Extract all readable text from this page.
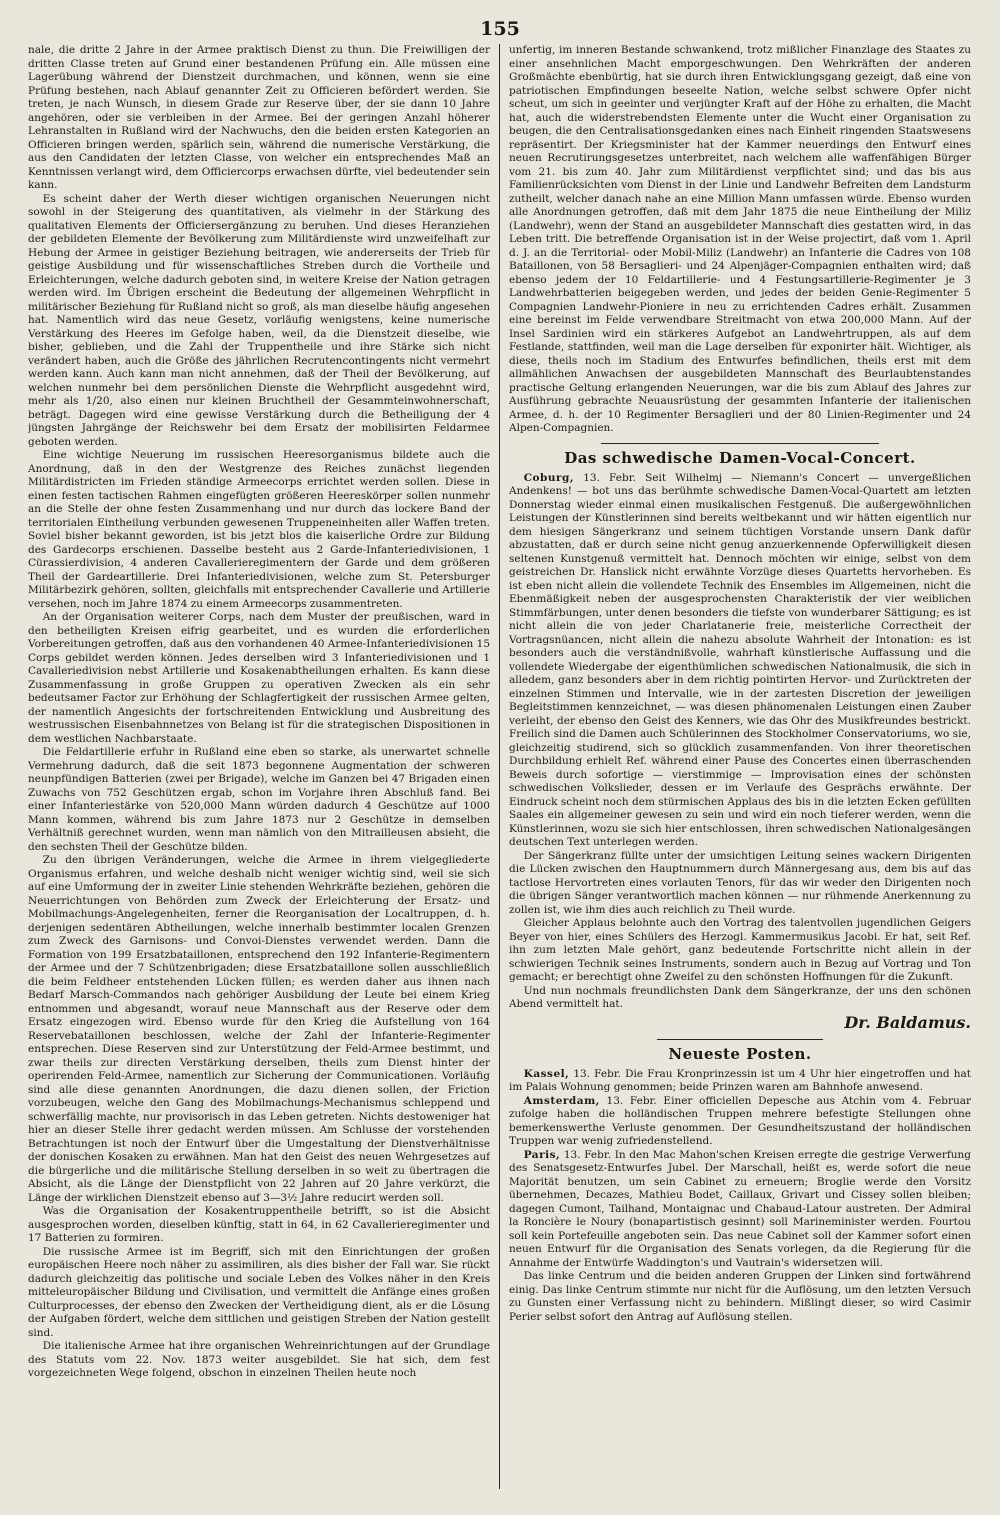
155

nale, die dritte 2 Jahre in der Armee praktisch Dienst zu thun. Die Freiwilligen der dritten Classe treten auf Grund einer bestandenen Prüfung ein. Alle müssen eine Lagerübung während der Dienstzeit durchmachen, und können, wenn sie eine Prüfung bestehen, nach Ablauf genannter Zeit zu Officieren befördert werden. Sie treten, je nach Wunsch, in diesem Grade zur Reserve über, der sie dann 10 Jahre angehören, oder sie verbleiben in der Armee. Bei der geringen Anzahl höherer Lehranstalten in Rußland wird der Nachwuchs, den die beiden ersten Kategorien an Officieren bringen werden, spärlich sein, während die numerische Verstärkung, die aus den Candidaten der letzten Classe, von welcher ein entsprechendes Maß an Kenntnissen verlangt wird, dem Officiercorps erwachsen dürfte, viel bedeutender sein kann.

Es scheint daher der Werth dieser wichtigen organischen Neuerungen nicht sowohl in der Steigerung des quantitativen, als vielmehr in der Stärkung des qualitativen Elements der Officiersergänzung zu beruhen. Und dieses Heranziehen der gebildeten Elemente der Bevölkerung zum Militärdienste wird unzweifelhaft zur Hebung der Armee in geistiger Beziehung beitragen, wie andererseits der Trieb für geistige Ausbildung und für wissenschaftliches Streben durch die Vortheile und Erleichterungen, welche dadurch geboten sind, in weitere Kreise der Nation getragen werden wird. Im Übrigen erscheint die Bedeutung der allgemeinen Wehrpflicht in militärischer Beziehung für Rußland nicht so groß, als man dieselbe häufig angesehen hat. Namentlich wird das neue Gesetz, vorläufig wenigstens, keine numerische Verstärkung des Heeres im Gefolge haben, weil, da die Dienstzeit dieselbe, wie bisher, geblieben, und die Zahl der Truppentheile und ihre Stärke sich nicht verändert haben, auch die Größe des jährlichen Recrutencontingents nicht vermehrt werden kann. Auch kann man nicht annehmen, daß der Theil der Bevölkerung, auf welchen nunmehr bei dem persönlichen Dienste die Wehrpflicht ausgedehnt wird, mehr als 1/20, also einen nur kleinen Bruchtheil der Gesammteinwohnerschaft, beträgt. Dagegen wird eine gewisse Verstärkung durch die Betheiligung der 4 jüngsten Jahrgänge der Reichswehr bei dem Ersatz der mobilisirten Feldarmee geboten werden.

Eine wichtige Neuerung im russischen Heeresorganismus bildete auch die Anordnung, daß in den der Westgrenze des Reiches zunächst liegenden Militärdistricten im Frieden ständige Armeecorps errichtet werden sollen. Diese in einen festen tactischen Rahmen eingefügten größeren Heereskörper sollen nunmehr an die Stelle der ohne festen Zusammenhang und nur durch das lockere Band der territorialen Eintheilung verbunden gewesenen Truppeneinheiten aller Waffen treten. Soviel bisher bekannt geworden, ist bis jetzt blos die kaiserliche Ordre zur Bildung des Gardecorps erschienen. Dasselbe besteht aus 2 Garde-Infanteriedivisionen, 1 Cürassierdivision, 4 anderen Cavallerieregimentern der Garde und dem größeren Theil der Gardeartillerie. Drei Infanteriedivisionen, welche zum St. Petersburger Militärbezirk gehören, sollten, gleichfalls mit entsprechender Cavallerie und Artillerie versehen, noch im Jahre 1874 zu einem Armeecorps zusammentreten.

An der Organisation weiterer Corps, nach dem Muster der preußischen, ward in den betheiligten Kreisen eifrig gearbeitet, und es wurden die erforderlichen Vorbereitungen getroffen, daß aus den vorhandenen 40 Armee-Infanteriedivisionen 15 Corps gebildet werden können. Jedes derselben wird 3 Infanteriedivisionen und 1 Cavalleriedivision nebst Artillerie und Kosakenabtheilungen erhalten. Es kann diese Zusammenfassung in große Gruppen zu operativen Zwecken als ein sehr bedeutsamer Factor zur Erhöhung der Schlagfertigkeit der russischen Armee gelten, der namentlich Angesichts der fortschreitenden Entwicklung und Ausbreitung des westrussischen Eisenbahnnetzes von Belang ist für die strategischen Dispositionen in dem westlichen Nachbarstaate.

Die Feldartillerie erfuhr in Rußland eine eben so starke, als unerwartet schnelle Vermehrung dadurch, daß die seit 1873 begonnene Augmentation der schweren neunpfündigen Batterien (zwei per Brigade), welche im Ganzen bei 47 Brigaden einen Zuwachs von 752 Geschützen ergab, schon im Vorjahre ihren Abschluß fand. Bei einer Infanteriestärke von 520,000 Mann würden dadurch 4 Geschütze auf 1000 Mann kommen, während bis zum Jahre 1873 nur 2 Geschütze in demselben Verhältniß gerechnet wurden, wenn man nämlich von den Mitrailleusen absieht, die den sechsten Theil der Geschütze bilden.

Zu den übrigen Veränderungen, welche die Armee in ihrem vielgegliederte Organismus erfahren, und welche deshalb nicht weniger wichtig sind, weil sie sich auf eine Umformung der in zweiter Linie stehenden Wehrkräfte beziehen, gehören die Neuerrichtungen von Behörden zum Zweck der Erleichterung der Ersatz- und Mobilmachungs-Angelegenheiten, ferner die Reorganisation der Localtruppen, d. h. derjenigen sedentären Abtheilungen, welche innerhalb bestimmter localen Grenzen zum Zweck des Garnisons- und Convoi-Dienstes verwendet werden. Dann die Formation von 199 Ersatzbataillonen, entsprechend den 192 Infanterie-Regimentern der Armee und der 7 Schützenbrigaden; diese Ersatzbataillone sollen ausschließlich die beim Feldheer entstehenden Lücken füllen; es werden daher aus ihnen nach Bedarf Marsch-Commandos nach gehöriger Ausbildung der Leute bei einem Krieg entnommen und abgesandt, worauf neue Mannschaft aus der Reserve oder dem Ersatz eingezogen wird. Ebenso wurde für den Krieg die Aufstellung von 164 Reservebataillonen beschlossen, welche der Zahl der Infanterie-Regimenter entsprechen. Diese Reserven sind zur Unterstützung der Feld-Armee bestimmt, und zwar theils zur directen Verstärkung derselben, theils zum Dienst hinter der operirenden Feld-Armee, namentlich zur Sicherung der Communicationen. Vorläufig sind alle diese genannten Anordnungen, die dazu dienen sollen, der Friction vorzubeugen, welche den Gang des Mobilmachungs-Mechanismus schleppend und schwerfällig machte, nur provisorisch in das Leben getreten. Nichts destoweniger hat hier an dieser Stelle ihrer gedacht werden müssen. Am Schlusse der vorstehenden Betrachtungen ist noch der Entwurf über die Umgestaltung der Dienstverhältnisse der donischen Kosaken zu erwähnen. Man hat den Geist des neuen Wehrgesetzes auf die bürgerliche und die militärische Stellung derselben in so weit zu übertragen die Absicht, als die Länge der Dienstpflicht von 22 Jahren auf 20 Jahre verkürzt, die Länge der wirklichen Dienstzeit ebenso auf 3—3½ Jahre reducirt werden soll.

Was die Organisation der Kosakentruppentheile betrifft, so ist die Absicht ausgesprochen worden, dieselben künftig, statt in 64, in 62 Cavallerieregimenter und 17 Batterien zu formiren.

Die russische Armee ist im Begriff, sich mit den Einrichtungen der großen europäischen Heere noch näher zu assimiliren, als dies bisher der Fall war. Sie rückt dadurch gleichzeitig das politische und sociale Leben des Volkes näher in den Kreis mitteleuropäischer Bildung und Civilisation, und vermittelt die Anfänge eines großen Culturprocesses, der ebenso den Zwecken der Vertheidigung dient, als er die Lösung der Aufgaben fördert, welche dem sittlichen und geistigen Streben der Nation gestellt sind.

Die italienische Armee hat ihre organischen Wehreinrichtungen auf der Grundlage des Statuts vom 22. Nov. 1873 weiter ausgebildet. Sie hat sich, dem fest vorgezeichneten Wege folgend, obschon in einzelnen Theilen heute noch

unfertig, im inneren Bestande schwankend, trotz mißlicher Finanzlage des Staates zu einer ansehnlichen Macht emporgeschwungen. Den Wehrkräften der anderen Großmächte ebenbürtig, hat sie durch ihren Entwicklungsgang gezeigt, daß eine von patriotischen Empfindungen beseelte Nation, welche selbst schwere Opfer nicht scheut, um sich in geeinter und verjüngter Kraft auf der Höhe zu erhalten, die Macht hat, auch die widerstrebendsten Elemente unter die Wucht einer Organisation zu beugen, die den Centralisationsgedanken eines nach Einheit ringenden Staatswesens repräsentirt. Der Kriegsminister hat der Kammer neuerdings den Entwurf eines neuen Recrutirungsgesetzes unterbreitet, nach welchem alle waffenfähigen Bürger vom 21. bis zum 40. Jahr zum Militärdienst verpflichtet sind; und das bis aus Familienrücksichten vom Dienst in der Linie und Landwehr Befreiten dem Landsturm zutheilt, welcher danach nahe an eine Million Mann umfassen würde. Ebenso wurden alle Anordnungen getroffen, daß mit dem Jahr 1875 die neue Eintheilung der Miliz (Landwehr), wenn der Stand an ausgebildeter Mannschaft dies gestatten wird, in das Leben tritt. Die betreffende Organisation ist in der Weise projectirt, daß vom 1. April d. J. an die Territorial- oder Mobil-Miliz (Landwehr) an Infanterie die Cadres von 108 Bataillonen, von 58 Bersaglieri- und 24 Alpenjäger-Compagnien enthalten wird; daß ebenso jedem der 10 Feldartillerie- und 4 Festungsartillerie-Regimenter je 3 Landwehrbatterien beigegeben werden, und jedes der beiden Genie-Regimenter 5 Compagnien Landwehr-Pioniere in neu zu errichtenden Cadres erhält. Zusammen eine bereinst im Felde verwendbare Streitmacht von etwa 200,000 Mann. Auf der Insel Sardinien wird ein stärkeres Aufgebot an Landwehrtruppen, als auf dem Festlande, stattfinden, weil man die Lage derselben für exponirter hält. Wichtiger, als diese, theils noch im Stadium des Entwurfes befindlichen, theils erst mit dem allmählichen Anwachsen der ausgebildeten Mannschaft des Beurlaubtenstandes practische Geltung erlangenden Neuerungen, war die bis zum Ablauf des Jahres zur Ausführung gebrachte Neuausrüstung der gesammten Infanterie der italienischen Armee, d. h. der 10 Regimenter Bersaglieri und der 80 Linien-Regimenter und 24 Alpen-Compagnien.

Das schwedische Damen-Vocal-Concert.

Coburg, 13. Febr. Seit Wilhelmj — Niemann's Concert — unvergeßlichen Andenkens! — bot uns das berühmte schwedische Damen-Vocal-Quartett am letzten Donnerstag wieder einmal einen musikalischen Festgenuß. Die außergewöhnlichen Leistungen der Künstlerinnen sind bereits weltbekannt und wir hätten eigentlich nur dem hiesigen Sängerkranz und seinem tüchtigen Vorstande unsern Dank dafür abzustatten, daß er durch seine nicht genug anzuerkennende Opferwilligkeit diesen seltenen Kunstgenuß vermittelt hat. Dennoch möchten wir einige, selbst von dem geistreichen Dr. Hanslick nicht erwähnte Vorzüge dieses Quartetts hervorheben. Es ist eben nicht allein die vollendete Technik des Ensembles im Allgemeinen, nicht die Ebenmäßigkeit neben der ausgesprochensten Charakteristik der vier weiblichen Stimmfärbungen, unter denen besonders die tiefste von wunderbarer Sättigung; es ist nicht allein die von jeder Charlatanerie freie, meisterliche Correctheit der Vortragsnüancen, nicht allein die nahezu absolute Wahrheit der Intonation: es ist besonders auch die verständnißvolle, wahrhaft künstlerische Auffassung und die vollendete Wiedergabe der eigenthümlichen schwedischen Nationalmusik, die sich in alledem, ganz besonders aber in dem richtig pointirten Hervor- und Zurücktreten der einzelnen Stimmen und Intervalle, wie in der zartesten Discretion der jeweiligen Begleitstimmen kennzeichnet, — was diesen phänomenalen Leistungen einen Zauber verleiht, der ebenso den Geist des Kenners, wie das Ohr des Musikfreundes bestrickt. Freilich sind die Damen auch Schülerinnen des Stockholmer Conservatoriums, wo sie, gleichzeitig studirend, sich so glücklich zusammenfanden. Von ihrer theoretischen Durchbildung erhielt Ref. während einer Pause des Concertes einen überraschenden Beweis durch sofortige — vierstimmige — Improvisation eines der schönsten schwedischen Volkslieder, dessen er im Verlaufe des Gesprächs erwähnte. Der Eindruck scheint noch dem stürmischen Applaus des bis in die letzten Ecken gefüllten Saales ein allgemeiner gewesen zu sein und wird ein noch tieferer werden, wenn die Künstlerinnen, wozu sie sich hier entschlossen, ihren schwedischen Nationalgesängen deutschen Text unterlegen werden.

Der Sängerkranz füllte unter der umsichtigen Leitung seines wackern Dirigenten die Lücken zwischen den Hauptnummern durch Männergesang aus, dem bis auf das tactlose Hervortreten eines vorlauten Tenors, für das wir weder den Dirigenten noch die übrigen Sänger verantwortlich machen können — nur rühmende Anerkennung zu zollen ist, wie ihm dies auch reichlich zu Theil wurde.

Gleicher Applaus belohnte auch den Vortrag des talentvollen jugendlichen Geigers Beyer von hier, eines Schülers des Herzogl. Kammermusikus Jacobi. Er hat, seit Ref. ihn zum letzten Male gehört, ganz bedeutende Fortschritte nicht allein in der schwierigen Technik seines Instruments, sondern auch in Bezug auf Vortrag und Ton gemacht; er berechtigt ohne Zweifel zu den schönsten Hoffnungen für die Zukunft.

Und nun nochmals freundlichsten Dank dem Sängerkranze, der uns den schönen Abend vermittelt hat.

Dr. Baldamus.
Neueste Posten.

Kassel, 13. Febr. Die Frau Kronprinzessin ist um 4 Uhr hier eingetroffen und hat im Palais Wohnung genommen; beide Prinzen waren am Bahnhofe anwesend.

Amsterdam, 13. Febr. Einer officiellen Depesche aus Atchin vom 4. Februar zufolge haben die holländischen Truppen mehrere befestigte Stellungen ohne bemerkenswerthe Verluste genommen. Der Gesundheitszustand der holländischen Truppen war wenig zufriedenstellend.

Paris, 13. Febr. In den Mac Mahon'schen Kreisen erregte die gestrige Verwerfung des Senatsgesetz-Entwurfes Jubel. Der Marschall, heißt es, werde sofort die neue Majorität benutzen, um sein Cabinet zu erneuern; Broglie werde den Vorsitz übernehmen, Decazes, Mathieu Bodet, Caillaux, Grivart und Cissey sollen bleiben; dagegen Cumont, Tailhand, Montaignac und Chabaud-Latour austreten. Der Admiral la Roncière le Noury (bonapartistisch gesinnt) soll Marineminister werden. Fourtou soll kein Portefeuille angeboten sein. Das neue Cabinet soll der Kammer sofort einen neuen Entwurf für die Organisation des Senats vorlegen, da die Regierung für die Annahme der Entwürfe Waddington's und Vautrain's widersetzen will.

Das linke Centrum und die beiden anderen Gruppen der Linken sind fortwährend einig. Das linke Centrum stimmte nur nicht für die Auflösung, um den letzten Versuch zu Gunsten einer Verfassung nicht zu behindern. Mißlingt dieser, so wird Casimir Perier selbst sofort den Antrag auf Auflösung stellen.
